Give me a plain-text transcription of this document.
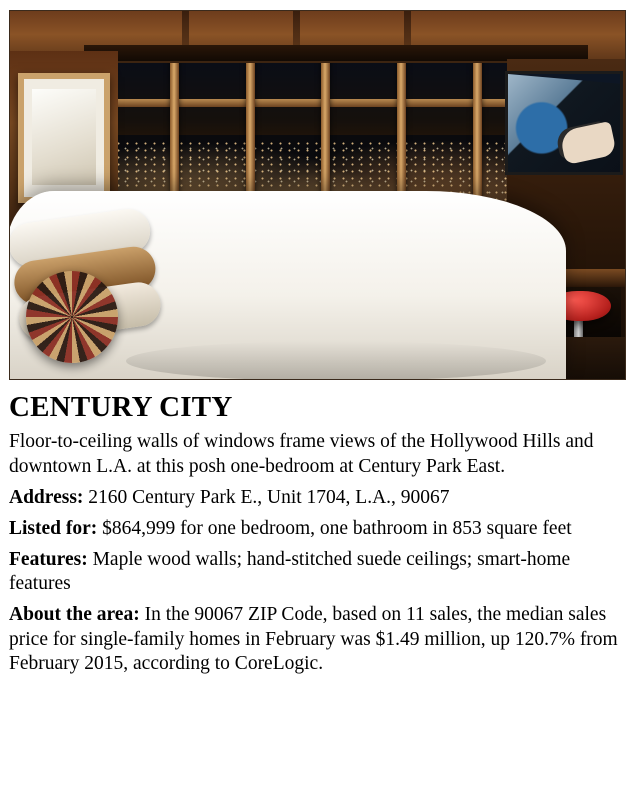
CENTURY CITY

Floor-to-ceiling walls of windows frame views of the Hollywood Hills and downtown L.A. at this posh one-bedroom at Century Park East.

Address: 2160 Century Park E., Unit 1704, L.A., 90067

Listed for: $864,999 for one bedroom, one bathroom in 853 square feet

Features: Maple wood walls; hand-stitched suede ceilings; smart-home features

About the area: In the 90067 ZIP Code, based on 11 sales, the median sales price for single-family homes in February was $1.49 million, up 120.7% from February 2015, according to CoreLogic.
